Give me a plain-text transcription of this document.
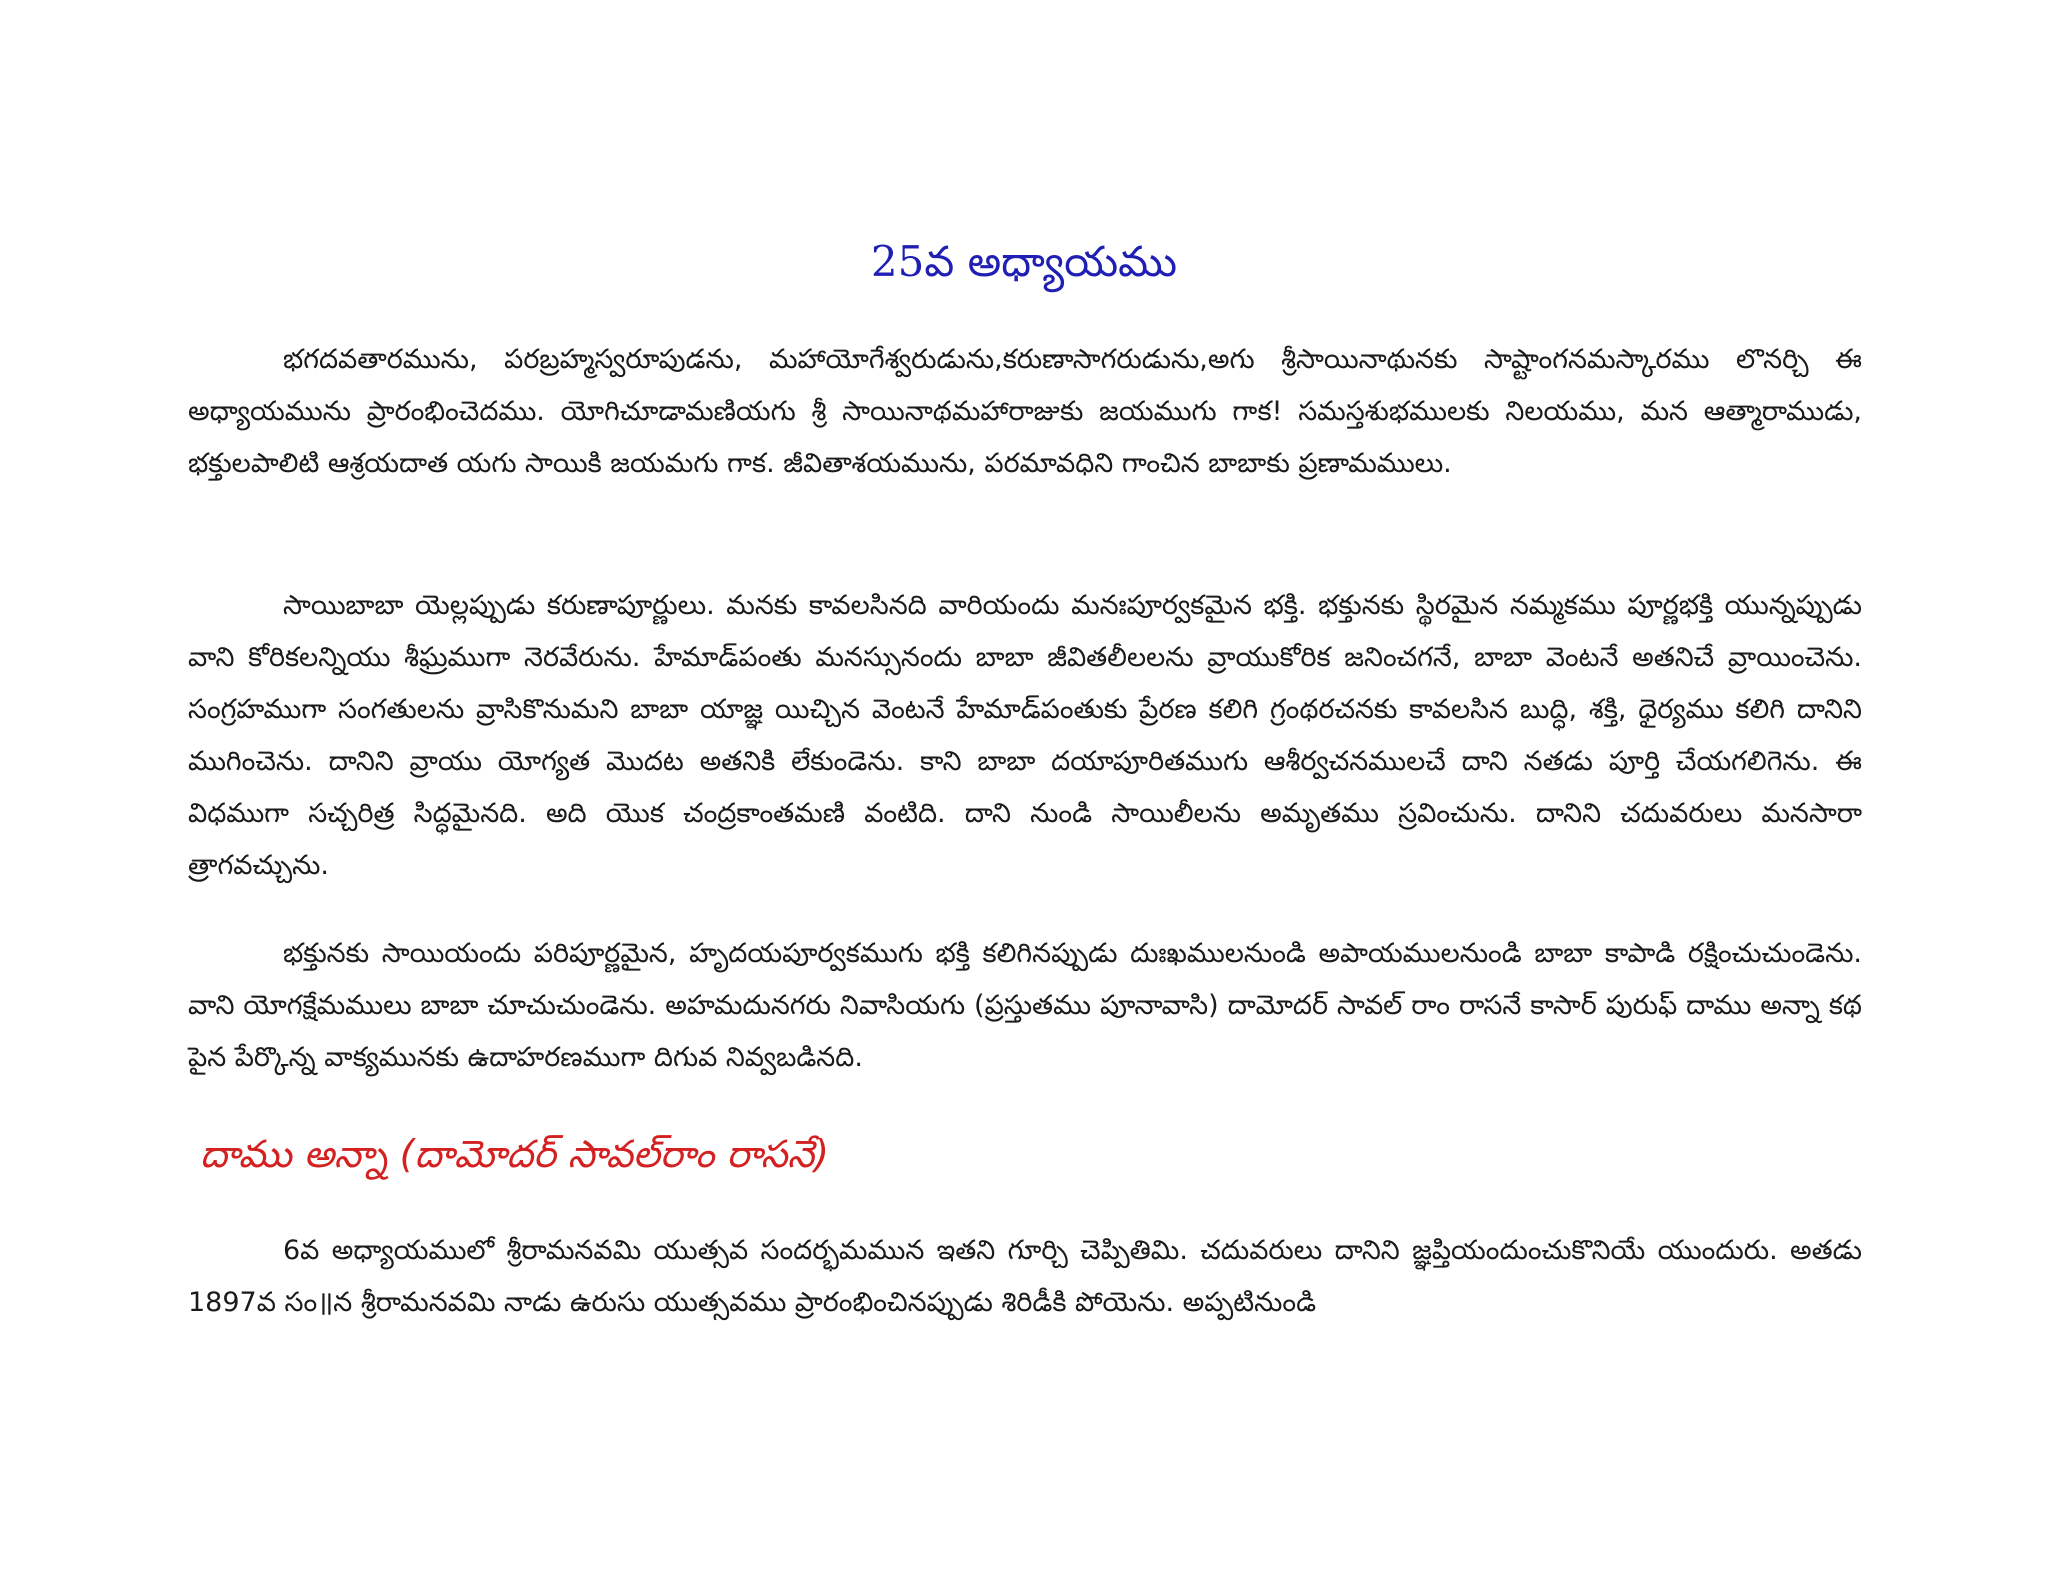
25వ అధ్యాయము

భగదవతారమును, పరబ్రహ్మస్వరూపుడను, మహాయోగేశ్వరుడును,కరుణాసాగరుడును,అగు శ్రీసాయినాథునకు సాష్టాంగనమస్కారము లొనర్చి ఈ అధ్యాయమును ప్రారంభించెదము. యోగిచూడామణియగు శ్రీ సాయినాథమహారాజుకు జయముగు గాక! సమస్తశుభములకు నిలయము, మన ఆత్మారాముడు, భక్తులపాలిటి ఆశ్రయదాత యగు సాయికి జయమగు గాక. జీవితాశయమును, పరమావధిని గాంచిన బాబాకు ప్రణామములు.

సాయిబాబా యెల్లప్పుడు కరుణాపూర్ణులు. మనకు కావలసినది వారియందు మనఃపూర్వకమైన భక్తి. భక్తునకు స్థిరమైన నమ్మకము పూర్ణభక్తి యున్నప్పుడు వాని కోరికలన్నియు శీఘ్రముగా నెరవేరును. హేమాడ్‌పంతు మనస్సునందు బాబా జీవితలీలలను వ్రాయుకోరిక జనించగనే, బాబా వెంటనే అతనిచే వ్రాయించెను. సంగ్రహముగా సంగతులను వ్రాసికొనుమని బాబా యాజ్ఞ యిచ్చిన వెంటనే హేమాడ్‌పంతుకు ప్రేరణ కలిగి గ్రంథరచనకు కావలసిన బుద్ధి, శక్తి, ధైర్యము కలిగి దానిని ముగించెను. దానిని వ్రాయు యోగ్యత మొదట అతనికి లేకుండెను. కాని బాబా దయాపూరితముగు ఆశీర్వచనములచే దాని నతడు పూర్తి చేయగలిగెను. ఈ విధముగా సచ్చరిత్ర సిద్ధమైనది. అది యొక చంద్రకాంతమణి వంటిది. దాని నుండి సాయిలీలను అమృతము స్రవించును. దానిని చదువరులు మనసారా త్రాగవచ్చును.

భక్తునకు సాయియందు పరిపూర్ణమైన, హృదయపూర్వకముగు భక్తి కలిగినప్పుడు దుఃఖములనుండి అపాయములనుండి బాబా కాపాడి రక్షించుచుండెను. వాని యోగక్షేమములు బాబా చూచుచుండెను. అహమదునగరు నివాసియగు (ప్రస్తుతము పూనావాసి) దామోదర్ సావల్ రాం రాసనే కాసార్ పురుఫ్ దాము అన్నా కథ పైన పేర్కొన్న వాక్యమునకు ఉదాహరణముగా దిగువ నివ్వబడినది.

దాము అన్నా (దామోదర్ సావల్‌రాం రాసనే)

6వ అధ్యాయములో శ్రీరామనవమి యుత్సవ సందర్భమమున ఇతని గూర్చి చెప్పితిమి. చదువరులు దానిని జ్ఞప్తియందుంచుకొనియే యుందురు. అతడు 1897వ సం॥న శ్రీరామనవమి నాడు ఉరుసు యుత్సవము ప్రారంభించినప్పుడు శిరిడీకి పోయెను. అప్పటినుండి
